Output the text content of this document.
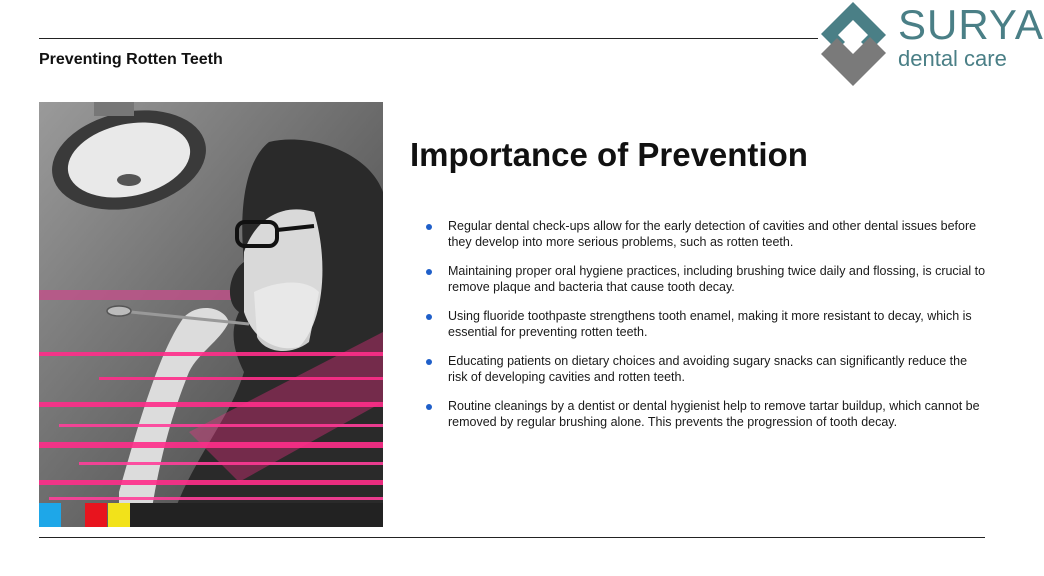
Preventing Rotten Teeth
SURYA
dental care
Importance of Prevention
Regular dental check-ups allow for the early detection of cavities and other dental issues before they develop into more serious problems, such as rotten teeth.
Maintaining proper oral hygiene practices, including brushing twice daily and flossing, is crucial to remove plaque and bacteria that cause tooth decay.
Using fluoride toothpaste strengthens tooth enamel, making it more resistant to decay, which is essential for preventing rotten teeth.
Educating patients on dietary choices and avoiding sugary snacks can significantly reduce the risk of developing cavities and rotten teeth.
Routine cleanings by a dentist or dental hygienist help to remove tartar buildup, which cannot be removed by regular brushing alone. This prevents the progression of tooth decay.
